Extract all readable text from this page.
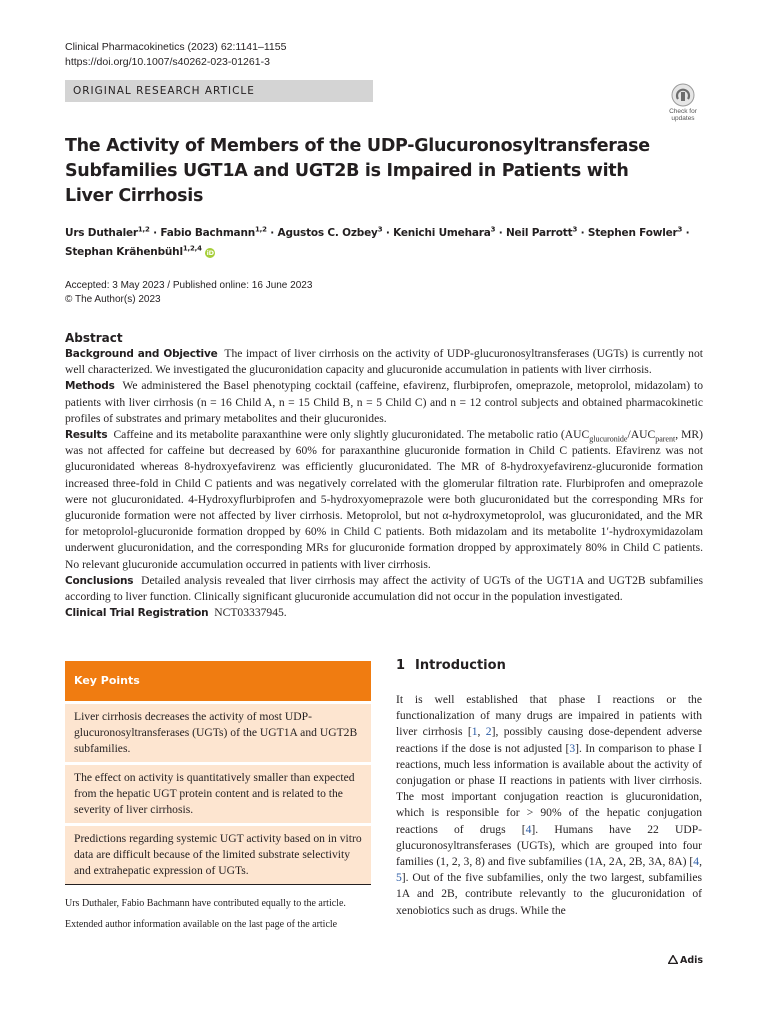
Clinical Pharmacokinetics (2023) 62:1141–1155
https://doi.org/10.1007/s40262-023-01261-3
ORIGINAL RESEARCH ARTICLE
Check for
updates
The Activity of Members of the UDP-Glucuronosyltransferase Subfamilies UGT1A and UGT2B is Impaired in Patients with Liver Cirrhosis
Urs Duthaler$^{1,2}$ · Fabio Bachmann$^{1,2}$ · Agustos C. Ozbey$^3$ · Kenichi Umehara$^3$ · Neil Parrott$^3$ · Stephen Fowler$^3$ ·
Stephan Krähenbühl$^{1,2,4}$ iD
Accepted: 3 May 2023 / Published online: 16 June 2023
© The Author(s) 2023
Abstract

Background and Objective The impact of liver cirrhosis on the activity of UDP-glucuronosyltransferases (UGTs) is currently not well characterized. We investigated the glucuronidation capacity and glucuronide accumulation in patients with liver cirrhosis.

Methods We administered the Basel phenotyping cocktail (caffeine, efavirenz, flurbiprofen, omeprazole, metoprolol, midazolam) to patients with liver cirrhosis (n = 16 Child A, n = 15 Child B, n = 5 Child C) and n = 12 control subjects and obtained pharmacokinetic profiles of substrates and primary metabolites and their glucuronides.

Results Caffeine and its metabolite paraxanthine were only slightly glucuronidated. The metabolic ratio ($AUC_{glucuronide}/AUC_{parent}$, MR) was not affected for caffeine but decreased by 60% for paraxanthine glucuronide formation in Child C patients. Efavirenz was not glucuronidated whereas 8-hydroxyefavirenz was efficiently glucuronidated. The MR of 8-hydroxyefavirenz-glucuronide formation increased three-fold in Child C patients and was negatively correlated with the glomerular filtration rate. Flurbiprofen and omeprazole were not glucuronidated. 4-Hydroxyflurbiprofen and 5-hydroxyomeprazole were both glucuronidated but the corresponding MRs for glucuronide formation were not affected by liver cirrhosis. Metoprolol, but not α-hydroxymetoprolol, was glucuronidated, and the MR for metoprolol-glucuronide formation dropped by 60% in Child C patients. Both midazolam and its metabolite 1′-hydroxymidazolam underwent glucuronidation, and the corresponding MRs for glucuronide formation dropped by approximately 80% in Child C patients. No relevant glucuronide accumulation occurred in patients with liver cirrhosis.

Conclusions Detailed analysis revealed that liver cirrhosis may affect the activity of UGTs of the UGT1A and UGT2B subfamilies according to liver function. Clinically significant glucuronide accumulation did not occur in the population investigated.

Clinical Trial Registration NCT03337945.

Key Points
Liver cirrhosis decreases the activity of most UDP-glucuronosyltransferases (UGTs) of the UGT1A and UGT2B subfamilies.
The effect on activity is quantitatively smaller than expected from the hepatic UGT protein content and is related to the severity of liver cirrhosis.
Predictions regarding systemic UGT activity based on in vitro data are difficult because of the limited substrate selectivity and extrahepatic expression of UGTs.
Urs Duthaler, Fabio Bachmann have contributed equally to the article.
Extended author information available on the last page of the article
1 Introduction

It is well established that phase I reactions or the functionalization of many drugs are impaired in patients with liver cirrhosis [1, 2], possibly causing dose-dependent adverse reactions if the dose is not adjusted [3]. In comparison to phase I reactions, much less information is available about the activity of conjugation or phase II reactions in patients with liver cirrhosis. The most important conjugation reaction is glucuronidation, which is responsible for > 90% of the hepatic conjugation reactions of drugs [4]. Humans have 22 UDP-glucuronosyltransferases (UGTs), which are grouped into four families (1, 2, 3, 8) and five subfamilies (1A, 2A, 2B, 3A, 8A) [4, 5]. Out of the five subfamilies, only the two largest, subfamilies 1A and 2B, contribute relevantly to the glucuronidation of xenobiotics such as drugs. While the

Adis
